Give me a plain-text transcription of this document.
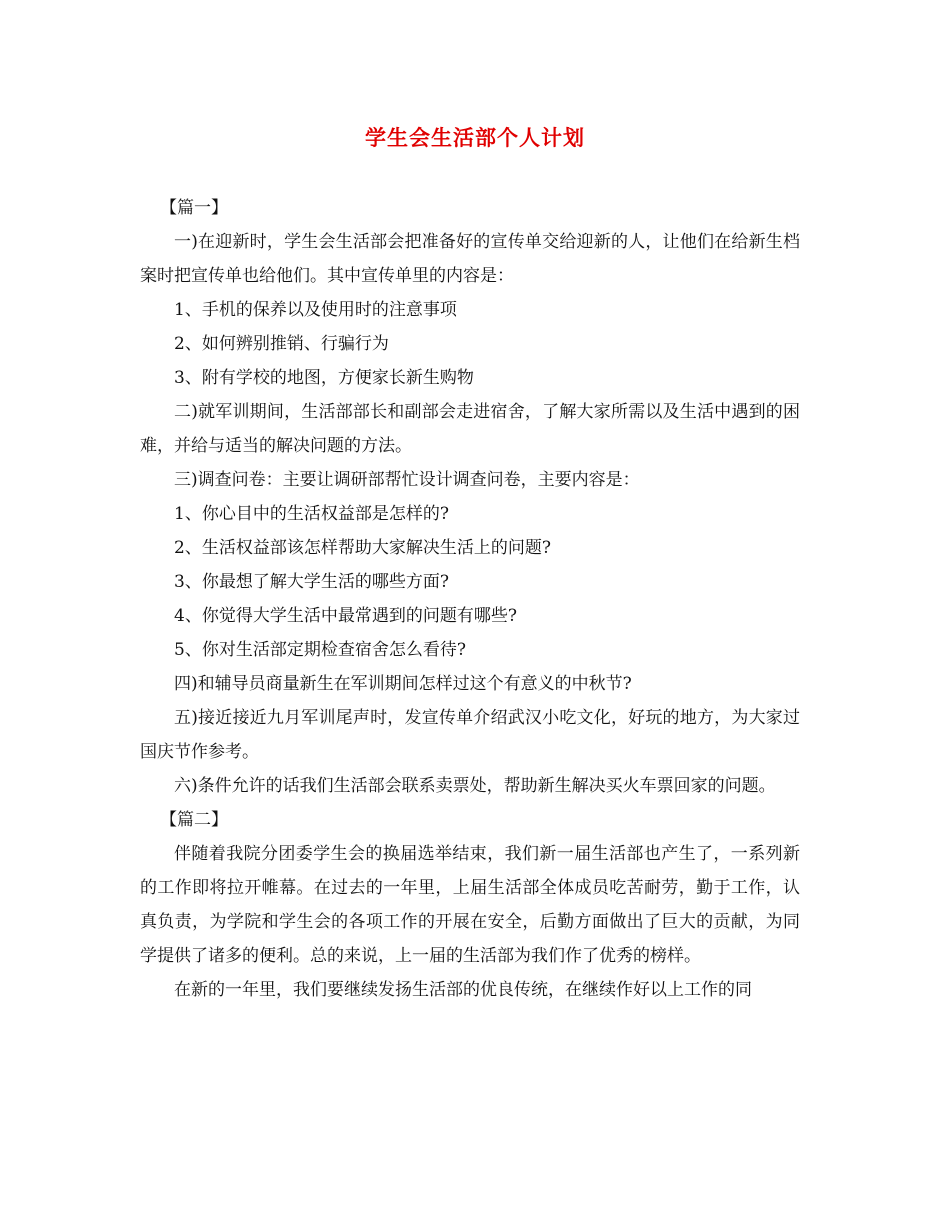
学生会生活部个人计划

【篇一】

一)在迎新时，学生会生活部会把准备好的宣传单交给迎新的人，让他们在给新生档案时把宣传单也给他们。其中宣传单里的内容是：

1、手机的保养以及使用时的注意事项

2、如何辨别推销、行骗行为

3、附有学校的地图，方便家长新生购物

二)就军训期间，生活部部长和副部会走进宿舍，了解大家所需以及生活中遇到的困难，并给与适当的解决问题的方法。

三)调查问卷：主要让调研部帮忙设计调查问卷，主要内容是：

1、你心目中的生活权益部是怎样的?

2、生活权益部该怎样帮助大家解决生活上的问题?

3、你最想了解大学生活的哪些方面?

4、你觉得大学生活中最常遇到的问题有哪些?

5、你对生活部定期检查宿舍怎么看待?

四)和辅导员商量新生在军训期间怎样过这个有意义的中秋节?

五)接近接近九月军训尾声时，发宣传单介绍武汉小吃文化，好玩的地方，为大家过国庆节作参考。

六)条件允许的话我们生活部会联系卖票处，帮助新生解决买火车票回家的问题。

【篇二】

伴随着我院分团委学生会的换届选举结束，我们新一届生活部也产生了，一系列新的工作即将拉开帷幕。在过去的一年里，上届生活部全体成员吃苦耐劳，勤于工作，认真负责，为学院和学生会的各项工作的开展在安全，后勤方面做出了巨大的贡献，为同学提供了诸多的便利。总的来说，上一届的生活部为我们作了优秀的榜样。

在新的一年里，我们要继续发扬生活部的优良传统，在继续作好以上工作的同
